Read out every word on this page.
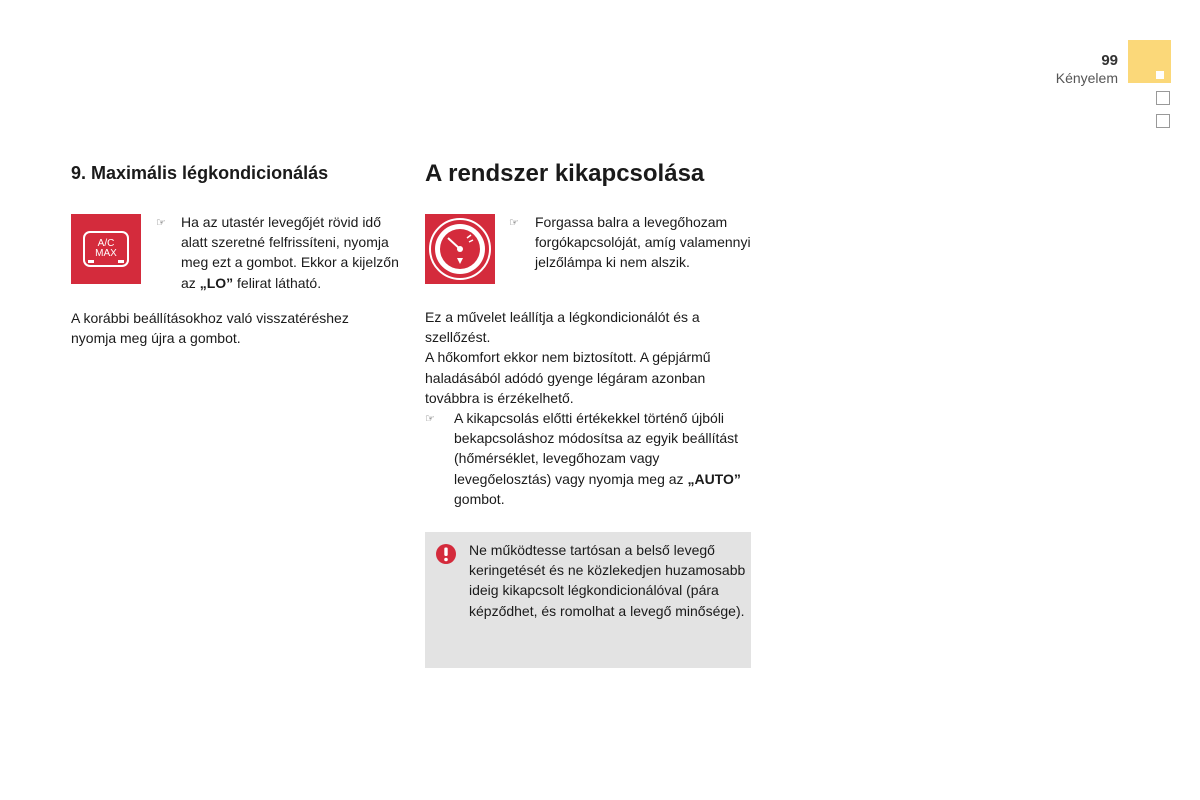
99
Kényelem
9. Maximális légkondicionálás
A/C
MAX
☞	Ha az utastér levegőjét rövid idő alatt szeretné felfrissíteni, nyomja meg ezt a gombot. Ekkor a kijelzőn az „LO” felirat látható.

A korábbi beállításokhoz való visszatéréshez nyomja meg újra a gombot.

A rendszer kikapcsolása
☞	Forgassa balra a levegőhozam forgókapcsolóját, amíg valamennyi jelzőlámpa ki nem alszik.

Ez a művelet leállítja a légkondicionálót és a szellőzést.
A hőkomfort ekkor nem biztosított. A gépjármű haladásából adódó gyenge légáram azonban továbbra is érzékelhető.

☞	A kikapcsolás előtti értékekkel történő újbóli bekapcsoláshoz módosítsa az egyik beállítást (hőmérséklet, levegőhozam vagy levegőelosztás) vagy nyomja meg az „AUTO” gombot.

Ne működtesse tartósan a belső levegő keringetését és ne közlekedjen huzamosabb ideig kikapcsolt légkondicionálóval (pára képződhet, és romolhat a levegő minősége).
